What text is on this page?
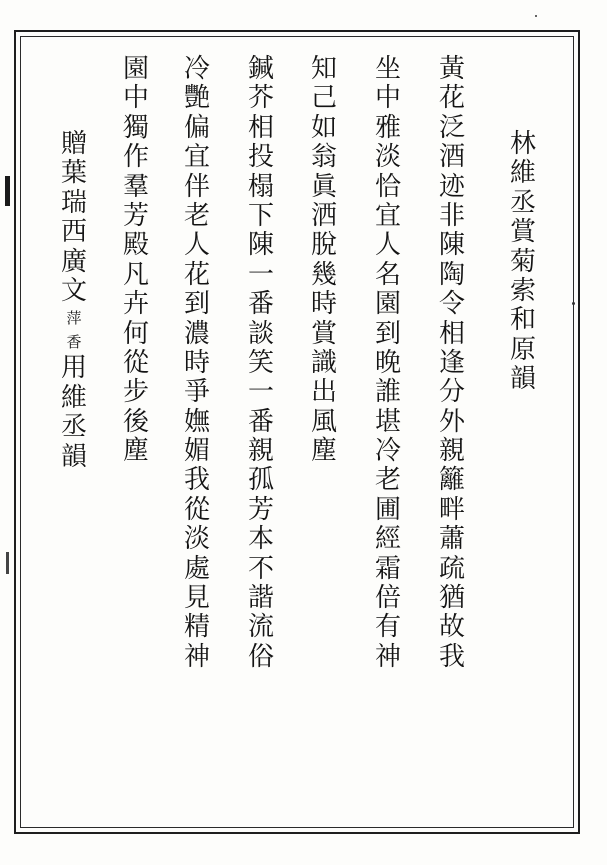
林
維
丞
賞
菊
索
和
原
韻
黃
花
泛
酒
迹
非
陳
陶
令
相
逢
分
外
親
籬
畔
蕭
疏
猶
故
我
坐
中
雅
淡
恰
宜
人
名
園
到
晚
誰
堪
冷
老
圃
經
霜
倍
有
神
知
己
如
翁
眞
洒
脫
幾
時
賞
識
出
風
塵
鍼
芥
相
投
榻
下
陳
一
番
談
笑
一
番
親
孤
芳
本
不
諧
流
俗
冷
艷
偏
宜
伴
老
人
花
到
濃
時
爭
嫵
媚
我
從
淡
處
見
精
神
園
中
獨
作
羣
芳
殿
凡
卉
何
從
步
後
塵
贈
葉
瑞
西
廣
文
萍
香
用
維
丞
韻
